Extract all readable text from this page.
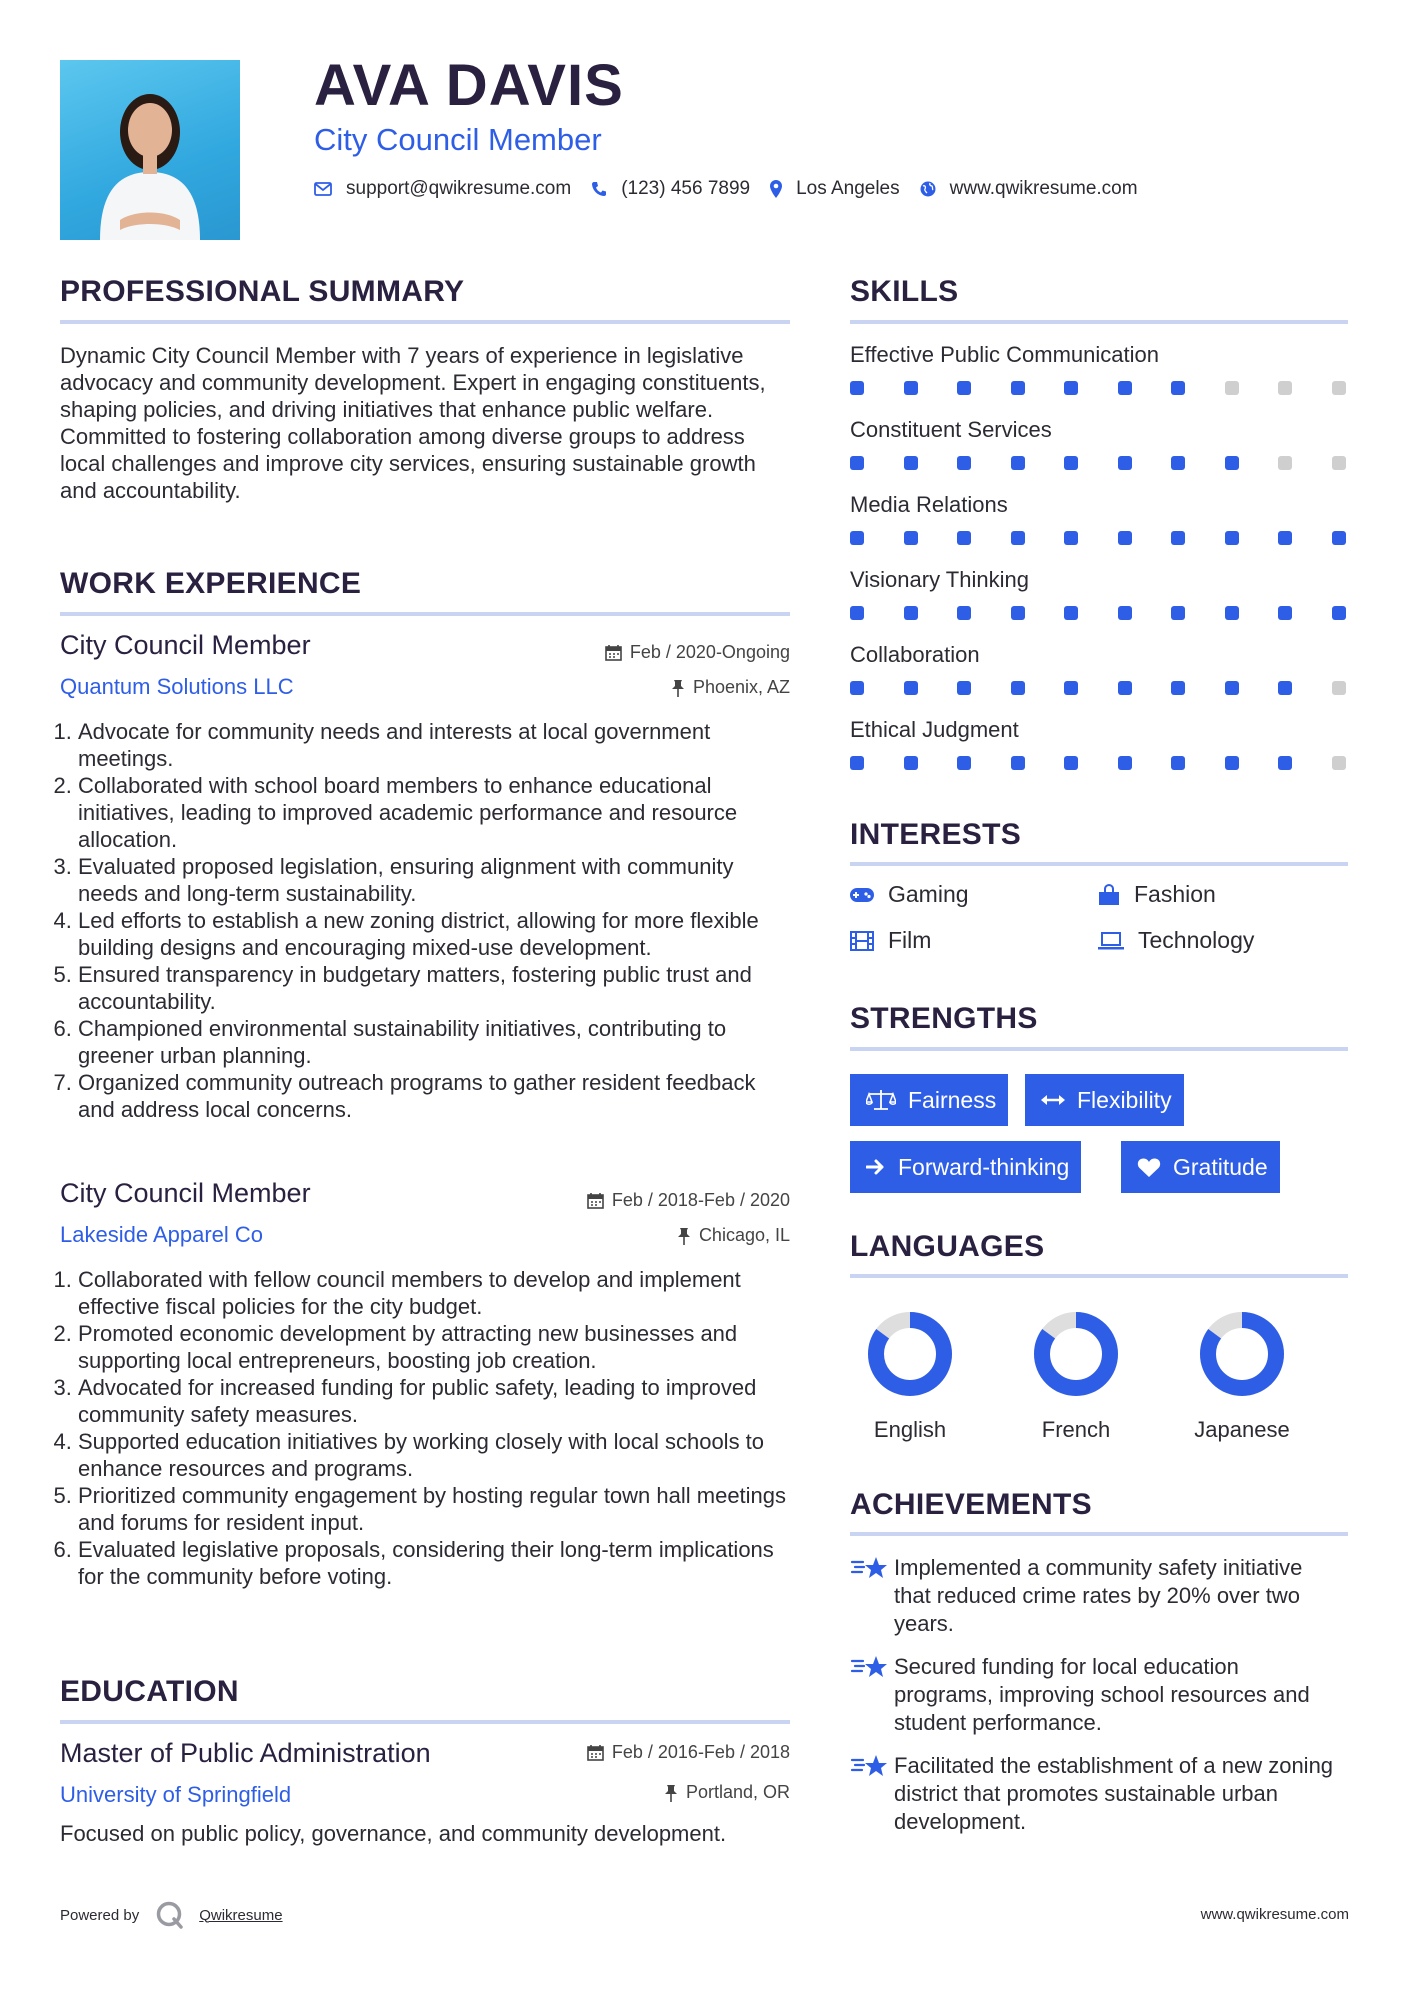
AVA DAVIS
City Council Member
support@qwikresume.com	(123) 456 7899 Los Angeles	www.qwikresume.com
PROFESSIONAL SUMMARY
Dynamic City Council Member with 7 years of experience in legislative advocacy and community development. Expert in engaging constituents, shaping policies, and driving initiatives that enhance public welfare. Committed to fostering collaboration among diverse groups to address local challenges and improve city services, ensuring sustainable growth and accountability.
WORK EXPERIENCE
City Council Member
Quantum Solutions LLC
Feb / 2020-Ongoing
Phoenix, AZ
1. Advocate for community needs and interests at local government meetings.
2. Collaborated with school board members to enhance educational initiatives, leading to improved academic performance and resource allocation.
3. Evaluated proposed legislation, ensuring alignment with community needs and long-term sustainability.
4. Led efforts to establish a new zoning district, allowing for more flexible building designs and encouraging mixed-use development.
5. Ensured transparency in budgetary matters, fostering public trust and accountability.
6. Championed environmental sustainability initiatives, contributing to greener urban planning.
7. Organized community outreach programs to gather resident feedback and address local concerns.
City Council Member
Lakeside Apparel Co
Feb / 2018-Feb / 2020
Chicago, IL
1. Collaborated with fellow council members to develop and implement effective fiscal policies for the city budget.
2. Promoted economic development by attracting new businesses and supporting local entrepreneurs, boosting job creation.
3. Advocated for increased funding for public safety, leading to improved community safety measures.
4. Supported education initiatives by working closely with local schools to enhance resources and programs.
5. Prioritized community engagement by hosting regular town hall meetings and forums for resident input.
6. Evaluated legislative proposals, considering their long-term implications for the community before voting.
EDUCATION
Master of Public Administration
University of Springfield
Feb / 2016-Feb / 2018
Portland, OR
Focused on public policy, governance, and community development.
SKILLS
Effective Public Communication
Constituent Services
Media Relations
Visionary Thinking
Collaboration
Ethical Judgment
INTERESTS
Gaming	Fashion
Film	Technology
STRENGTHS
Fairness	Flexibility
Forward-thinking	Gratitude
LANGUAGES
English	French	Japanese
ACHIEVEMENTS
Implemented a community safety initiative that reduced crime rates by 20% over two years.
Secured funding for local education programs, improving school resources and student performance.
Facilitated the establishment of a new zoning district that promotes sustainable urban development.
Powered by	Qwikresume	www.qwikresume.com
